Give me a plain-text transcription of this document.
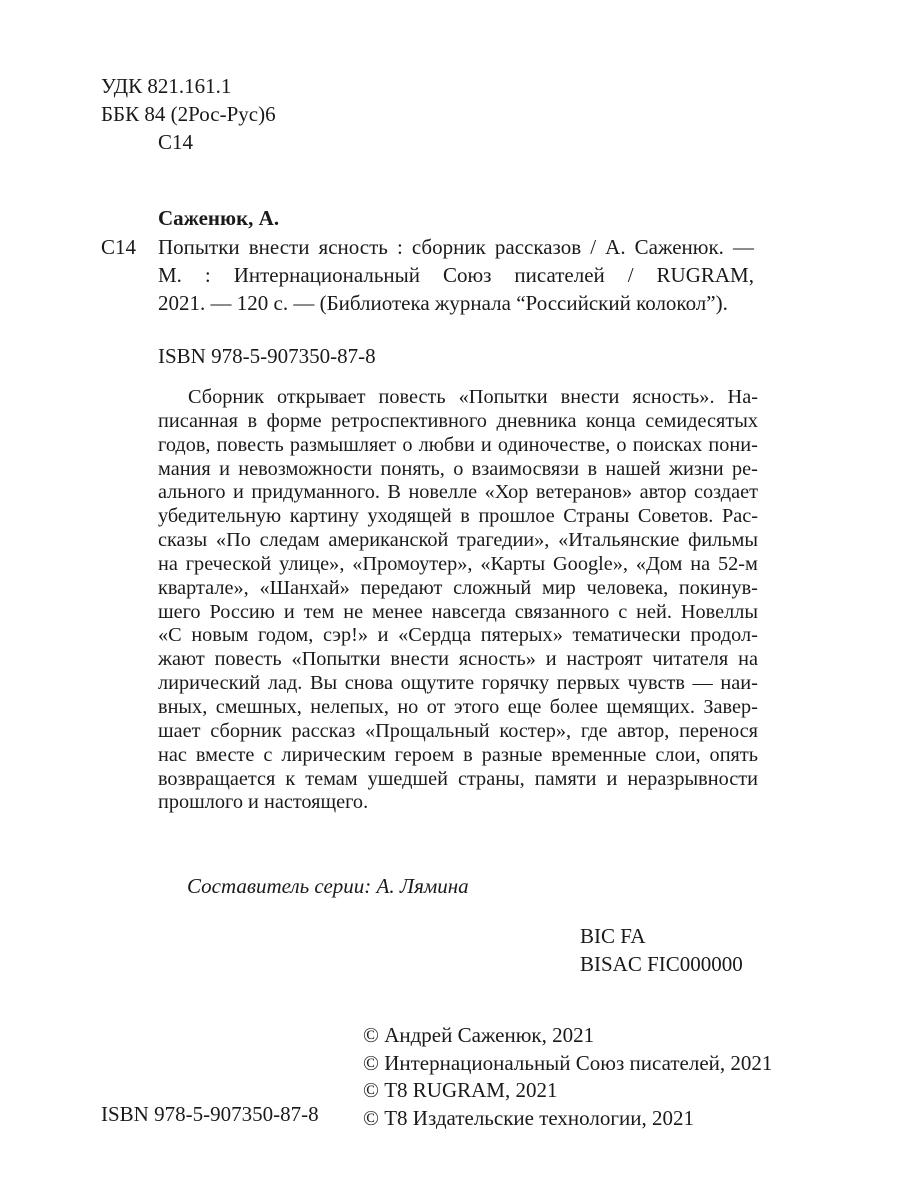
УДК 821.161.1
ББК 84 (2Рос-Рус)6
С14
Саженюк, А.
С14 Попытки внести ясность : сборник рассказов / А. Саженюк. —
М. : Интернациональный Союз писателей / RUGRAM,
2021. — 120 с. — (Библиотека журнала “Российский колокол”).
ISBN 978-5-907350-87-8
Сборник открывает повесть «Попытки внести ясность». На-
писанная в форме ретроспективного дневника конца семидесятых
годов, повесть размышляет о любви и одиночестве, о поисках пони-
мания и невозможности понять, о взаимосвязи в нашей жизни ре-
ального и придуманного. В новелле «Хор ветеранов» автор создает
убедительную картину уходящей в прошлое Страны Советов. Рас-
сказы «По следам американской трагедии», «Итальянские фильмы
на греческой улице», «Промоутер», «Карты Google», «Дом на 52-м
квартале», «Шанхай» передают сложный мир человека, покинув-
шего Россию и тем не менее навсегда связанного с ней. Новеллы
«С новым годом, сэр!» и «Сердца пятерых» тематически продол-
жают повесть «Попытки внести ясность» и настроят читателя на
лирический лад. Вы снова ощутите горячку первых чувств — наи-
вных, смешных, нелепых, но от этого еще более щемящих. Завер-
шает сборник рассказ «Прощальный костер», где автор, перенося
нас вместе с лирическим героем в разные временные слои, опять
возвращается к темам ушедшей страны, памяти и неразрывности
прошлого и настоящего.
Составитель серии: А. Лямина
BIC FA
BISAC FIC000000
ISBN 978-5-907350-87-8
© Андрей Саженюк, 2021
© Интернациональный Союз писателей, 2021
© Т8 RUGRAM, 2021
© Т8 Издательские технологии, 2021
